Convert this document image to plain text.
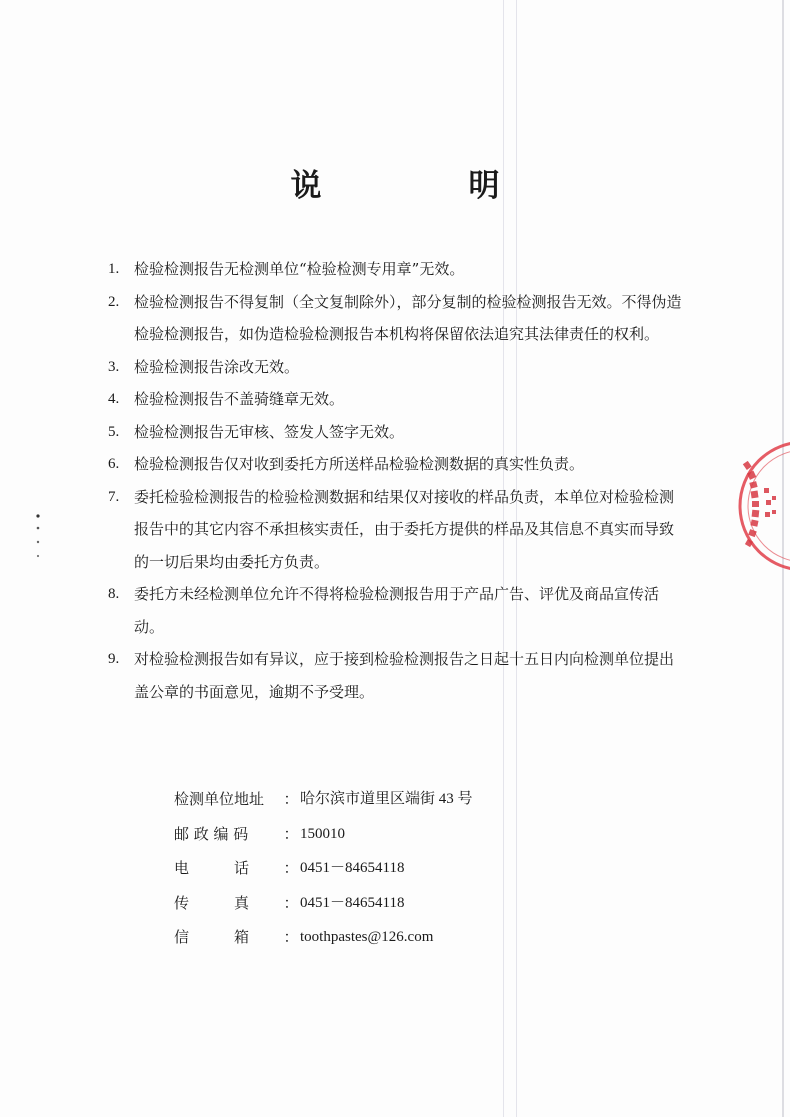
说　明
1. 检验检测报告无检测单位“检验检测专用章”无效。
2. 检验检测报告不得复制（全文复制除外），部分复制的检验检测报告无效。不得伪造检验检测报告，如伪造检验检测报告本机构将保留依法追究其法律责任的权利。
3. 检验检测报告涂改无效。
4. 检验检测报告不盖骑缝章无效。
5. 检验检测报告无审核、签发人签字无效。
6. 检验检测报告仅对收到委托方所送样品检验检测数据的真实性负责。
7. 委托检验检测报告的检验检测数据和结果仅对接收的样品负责，本单位对检验检测报告中的其它内容不承担核实责任，由于委托方提供的样品及其信息不真实而导致的一切后果均由委托方负责。
8. 委托方未经检测单位允许不得将检验检测报告用于产品广告、评优及商品宣传活动。
9. 对检验检测报告如有异议，应于接到检验检测报告之日起十五日内向检测单位提出盖公章的书面意见，逾期不予受理。
检测单位地址	： 哈尔滨市道里区端街 43 号
邮 政 编 码	： 150010
电　　　话	： 0451－84654118
传　　　真	： 0451－84654118
信　　　箱	： toothpastes@126.com
